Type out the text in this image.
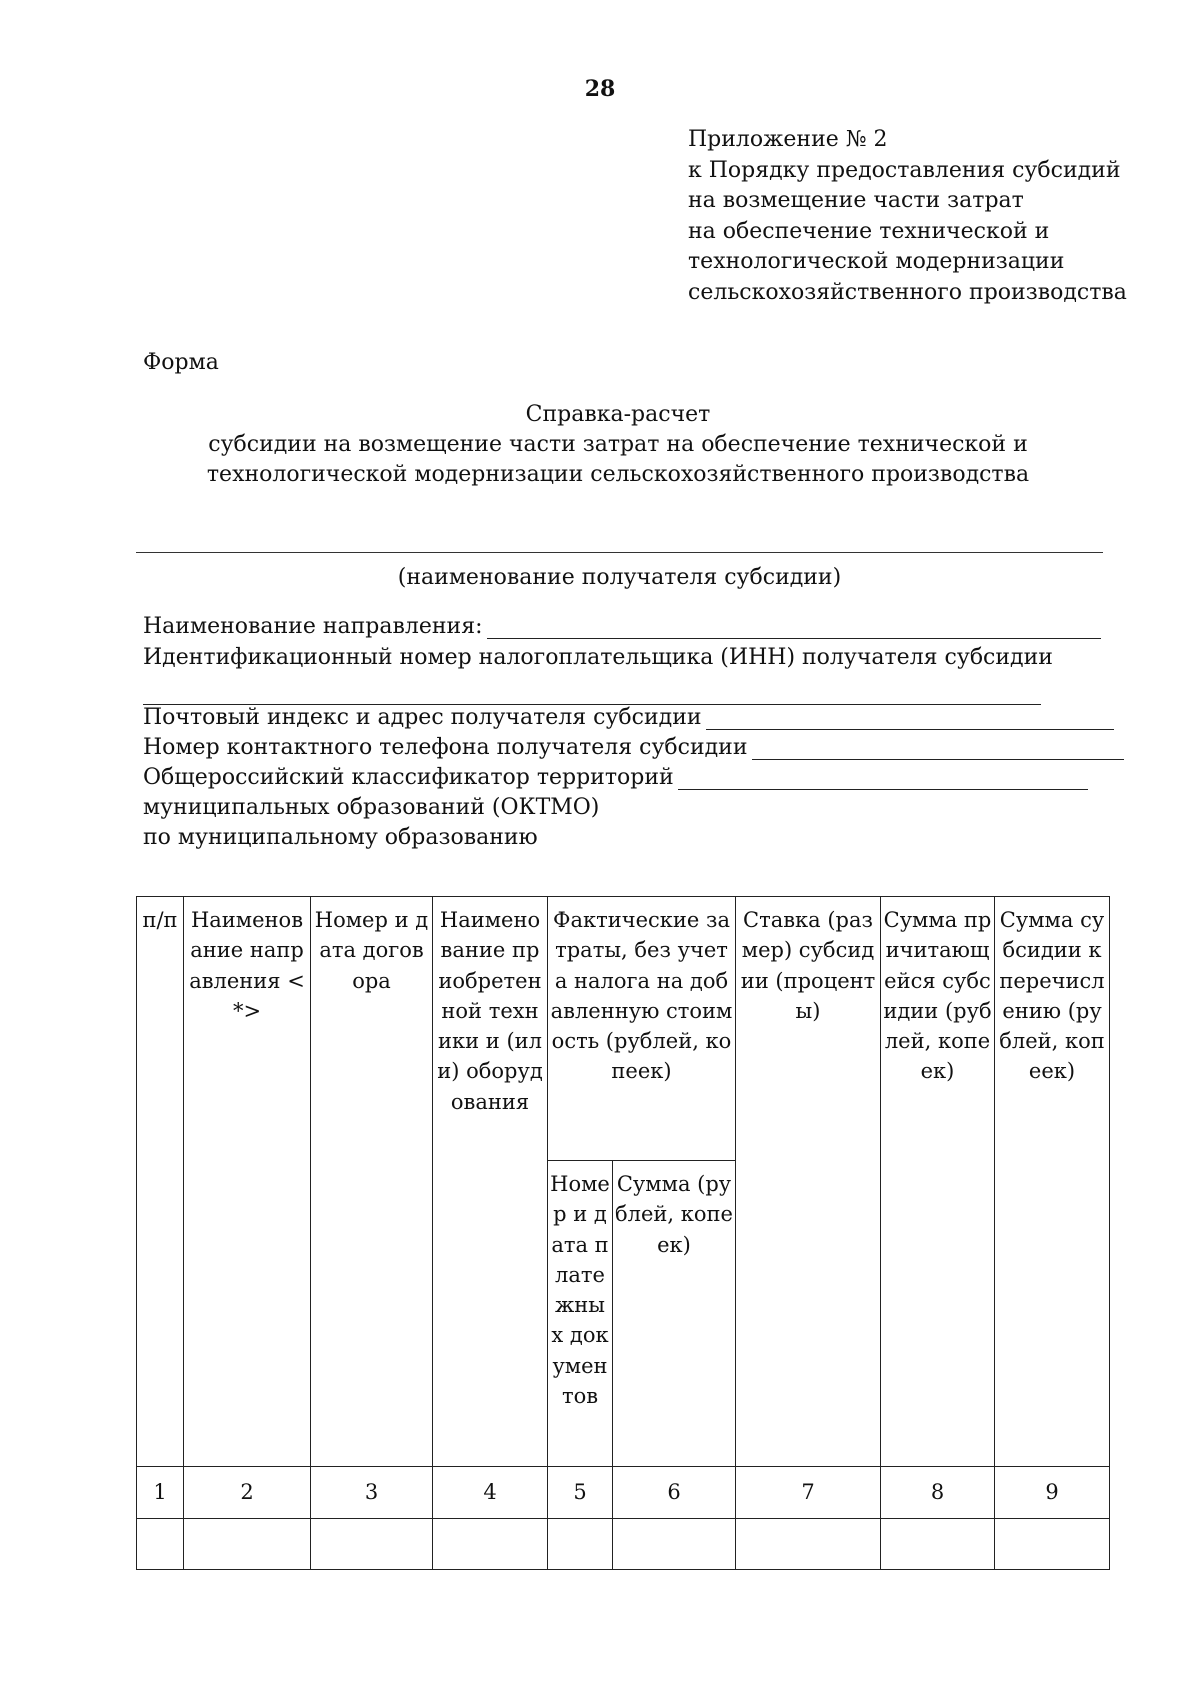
28
Приложение № 2
к Порядку предоставления субсидий
на возмещение части затрат
на обеспечение технической и
технологической модернизации
сельскохозяйственного производства
Форма
Справка-расчет
субсидии на возмещение части затрат на обеспечение технической и
технологической модернизации сельскохозяйственного производства
(наименование получателя субсидии)
Наименование направления:
Идентификационный номер налогоплательщика (ИНН) получателя субсидии
Почтовый индекс и адрес получателя субсидии
Номер контактного телефона получателя субсидии
Общероссийский классификатор территорий
муниципальных образований (ОКТМО)
по муниципальному образованию
п/п	Наименование направления <*>	Номер и дата договора	Наименование приобретенной техники и (или) оборудования	Фактические затраты, без учета налога на добавленную стоимость (рублей, копеек)		Ставка (размер) субсидии (проценты)	Сумма причитающейся субсидии (рублей, копеек)	Сумма субсидии к перечислению (рублей, копеек)
				Номер и дата платежных документов	Сумма (рублей, копеек)			
1	2	3	4	5	6	7	8	9
